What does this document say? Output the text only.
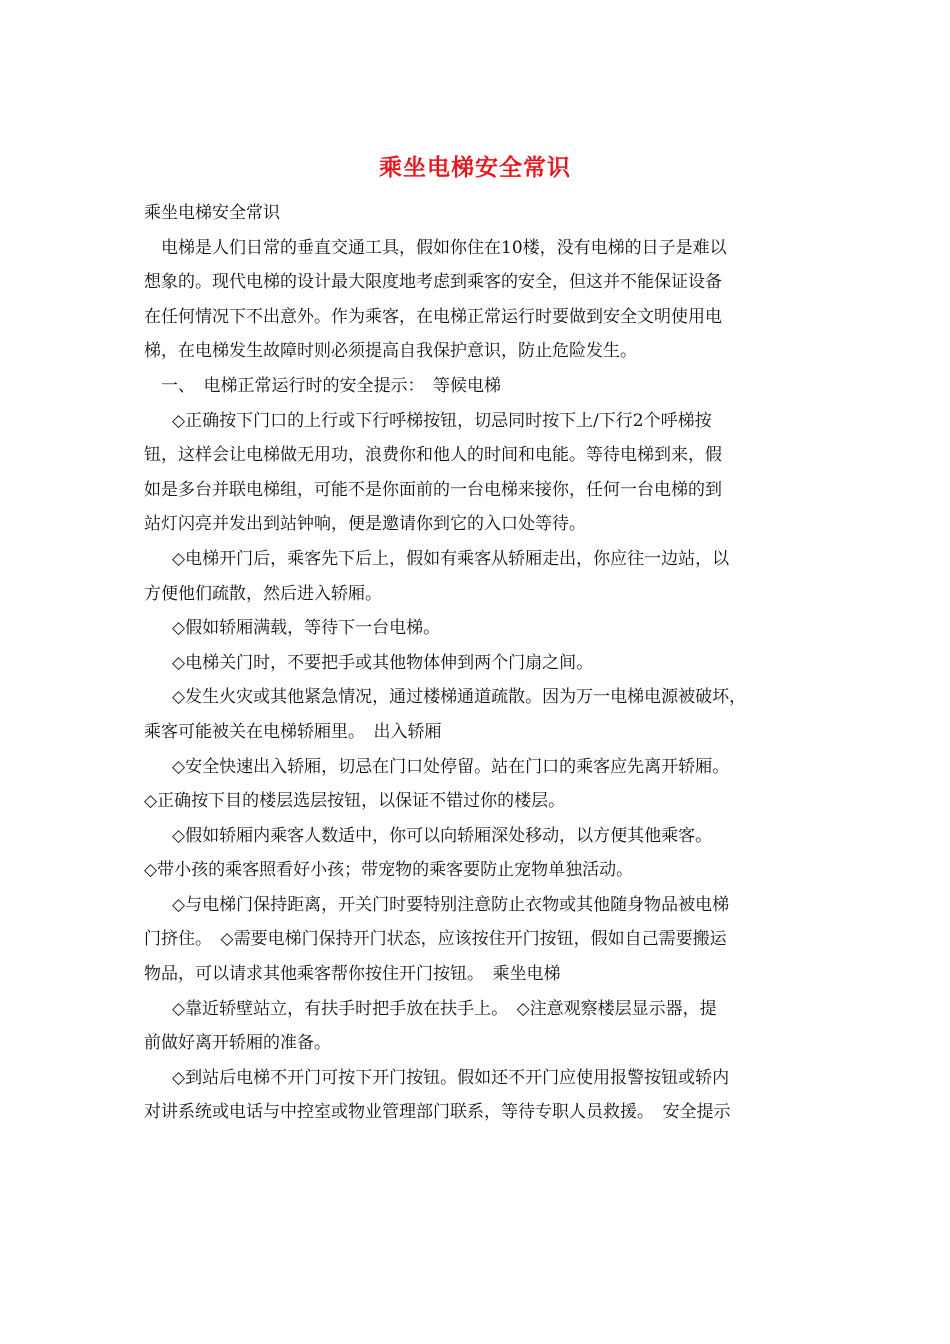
乘坐电梯安全常识
乘坐电梯安全常识
电梯是人们日常的垂直交通工具，假如你住在10楼，没有电梯的日子是难以
想象的。现代电梯的设计最大限度地考虑到乘客的安全，但这并不能保证设备
在任何情况下不出意外。作为乘客，在电梯正常运行时要做到安全文明使用电
梯，在电梯发生故障时则必须提高自我保护意识，防止危险发生。
一、　电梯正常运行时的安全提示：　等候电梯
◇正确按下门口的上行或下行呼梯按钮，切忌同时按下上/下行2个呼梯按
钮，这样会让电梯做无用功，浪费你和他人的时间和电能。等待电梯到来，假
如是多台并联电梯组，可能不是你面前的一台电梯来接你，任何一台电梯的到
站灯闪亮并发出到站钟响，便是邀请你到它的入口处等待。
◇电梯开门后，乘客先下后上，假如有乘客从轿厢走出，你应往一边站，以
方便他们疏散，然后进入轿厢。
◇假如轿厢满载，等待下一台电梯。
◇电梯关门时，不要把手或其他物体伸到两个门扇之间。
◇发生火灾或其他紧急情况，通过楼梯通道疏散。因为万一电梯电源被破坏，
乘客可能被关在电梯轿厢里。　出入轿厢
◇安全快速出入轿厢，切忌在门口处停留。站在门口的乘客应先离开轿厢。
◇正确按下目的楼层选层按钮，以保证不错过你的楼层。
◇假如轿厢内乘客人数适中，你可以向轿厢深处移动，以方便其他乘客。
◇带小孩的乘客照看好小孩；带宠物的乘客要防止宠物单独活动。
◇与电梯门保持距离，开关门时要特别注意防止衣物或其他随身物品被电梯
门挤住。　◇需要电梯门保持开门状态，应该按住开门按钮，假如自己需要搬运
物品，可以请求其他乘客帮你按住开门按钮。　乘坐电梯
◇靠近轿壁站立，有扶手时把手放在扶手上。　◇注意观察楼层显示器，提
前做好离开轿厢的准备。
◇到站后电梯不开门可按下开门按钮。假如还不开门应使用报警按钮或轿内
对讲系统或电话与中控室或物业管理部门联系，等待专职人员救援。　安全提示
